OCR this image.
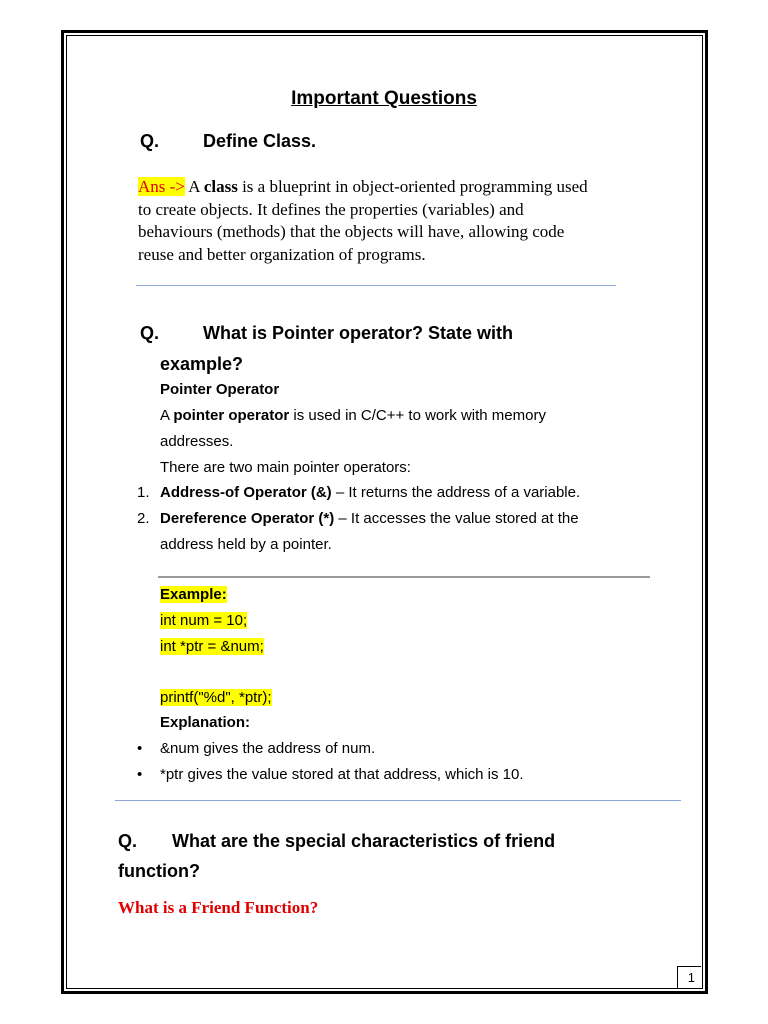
Important Questions
Q. Define Class.
Ans -> A class is a blueprint in object-oriented programming used
to create objects. It defines the properties (variables) and
behaviours (methods) that the objects will have, allowing code
reuse and better organization of programs.
Q. What is Pointer operator? State with
example?
Pointer Operator
A pointer operator is used in C/C++ to work with memory
addresses.
There are two main pointer operators:
1. Address-of Operator (&) – It returns the address of a variable.
2. Dereference Operator (*) – It accesses the value stored at the
address held by a pointer.
Example:
int num = 10;
int *ptr = &num;
printf("%d", *ptr);
Explanation:
• &num gives the address of num.
• *ptr gives the value stored at that address, which is 10.
Q. What are the special characteristics of friend
function?
What is a Friend Function?
1
